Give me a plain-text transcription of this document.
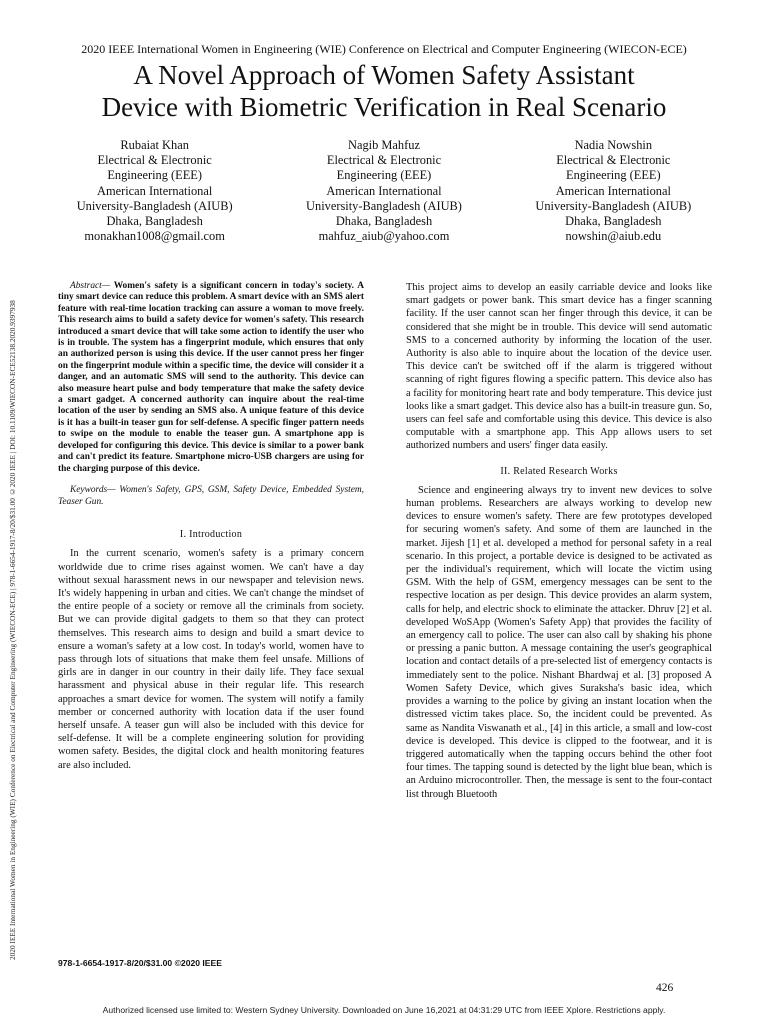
2020 IEEE International Women in Engineering (WIE) Conference on Electrical and Computer Engineering (WIECON-ECE) | 978-1-6654-1917-8/20/$31.00 ©2020 IEEE | DOI: 10.1109/WIECON-ECE52138.2020.9397938
2020 IEEE International Women in Engineering (WIE) Conference on Electrical and Computer Engineering (WIECON-ECE)
A Novel Approach of Women Safety Assistant
Device with Biometric Verification in Real Scenario
Rubaiat Khan
Electrical & Electronic
Engineering (EEE)
American International
University-Bangladesh (AIUB)
Dhaka, Bangladesh
monakhan1008@gmail.com
Nagib Mahfuz
Electrical & Electronic
Engineering (EEE)
American International
University-Bangladesh (AIUB)
Dhaka, Bangladesh
mahfuz_aiub@yahoo.com
Nadia Nowshin
Electrical & Electronic
Engineering (EEE)
American International
University-Bangladesh (AIUB)
Dhaka, Bangladesh
nowshin@aiub.edu

Abstract— Women's safety is a significant concern in today's society. A tiny smart device can reduce this problem. A smart device with an SMS alert feature with real-time location tracking can assure a woman to move freely. This research aims to build a safety device for women's safety. This research introduced a smart device that will take some action to identify the user who is in trouble. The system has a fingerprint module, which ensures that only an authorized person is using this device. If the user cannot press her finger on the fingerprint module within a specific time, the device will consider it a danger, and an automatic SMS will send to the authority. This device can also measure heart pulse and body temperature that make the safety device a smart gadget. A concerned authority can inquire about the real-time location of the user by sending an SMS also. A unique feature of this device is it has a built-in teaser gun for self-defense. A specific finger pattern needs to swipe on the module to enable the teaser gun. A smartphone app is developed for configuring this device. This device is similar to a power bank and can't predict its feature. Smartphone micro-USB chargers are using for the charging purpose of this device.

Keywords— Women's Safety, GPS, GSM, Safety Device, Embedded System, Teaser Gun.

I. Introduction

In the current scenario, women's safety is a primary concern worldwide due to crime rises against women. We can't have a day without sexual harassment news in our newspaper and television news. It's widely happening in urban and cities. We can't change the mindset of the entire people of a society or remove all the criminals from society. But we can provide digital gadgets to them so that they can protect themselves. This research aims to design and build a smart device to ensure a woman's safety at a low cost. In today's world, women have to pass through lots of situations that make them feel unsafe. Millions of girls are in danger in our country in their daily life. They face sexual harassment and physical abuse in their regular life. This research approaches a smart device for women. The system will notify a family member or concerned authority with location data if the user found herself unsafe. A teaser gun will also be included with this device for self-defense. It will be a complete engineering solution for providing women safety. Besides, the digital clock and health monitoring features are also included.

This project aims to develop an easily carriable device and looks like smart gadgets or power bank. This smart device has a finger scanning facility. If the user cannot scan her finger through this device, it can be considered that she might be in trouble. This device will send automatic SMS to a concerned authority by informing the location of the user. Authority is also able to inquire about the location of the device user. This device can't be switched off if the alarm is triggered without scanning of right figures flowing a specific pattern. This device also has a facility for monitoring heart rate and body temperature. This device just looks like a smart gadget. This device also has a built-in treasure gun. So, users can feel safe and comfortable using this device. This device is also computable with a smartphone app. This App allows users to set authorized numbers and users' finger data easily.

II. Related Research Works

Science and engineering always try to invent new devices to solve human problems. Researchers are always working to develop new devices to ensure women's safety. There are few prototypes developed for securing women's safety. And some of them are launched in the market. Jijesh [1] et al. developed a method for personal safety in a real scenario. In this project, a portable device is designed to be activated as per the individual's requirement, which will locate the victim using GSM. With the help of GSM, emergency messages can be sent to the respective location as per design. This device provides an alarm system, calls for help, and electric shock to eliminate the attacker. Dhruv [2] et al. developed WoSApp (Women's Safety App) that provides the facility of an emergency call to police. The user can also call by shaking his phone or pressing a panic button. A message containing the user's geographical location and contact details of a pre-selected list of emergency contacts is immediately sent to the police. Nishant Bhardwaj et al. [3] proposed A Women Safety Device, which gives Suraksha's basic idea, which provides a warning to the police by giving an instant location when the distressed victim takes place. So, the incident could be prevented. As same as Nandita Viswanath et al., [4] in this article, a small and low-cost device is developed. This device is clipped to the footwear, and it is triggered automatically when the tapping occurs behind the other foot four times. The tapping sound is detected by the light blue bean, which is an Arduino microcontroller. Then, the message is sent to the four-contact list through Bluetooth

978-1-6654-1917-8/20/$31.00 ©2020 IEEE
426
Authorized licensed use limited to: Western Sydney University. Downloaded on June 16,2021 at 04:31:29 UTC from IEEE Xplore. Restrictions apply.
